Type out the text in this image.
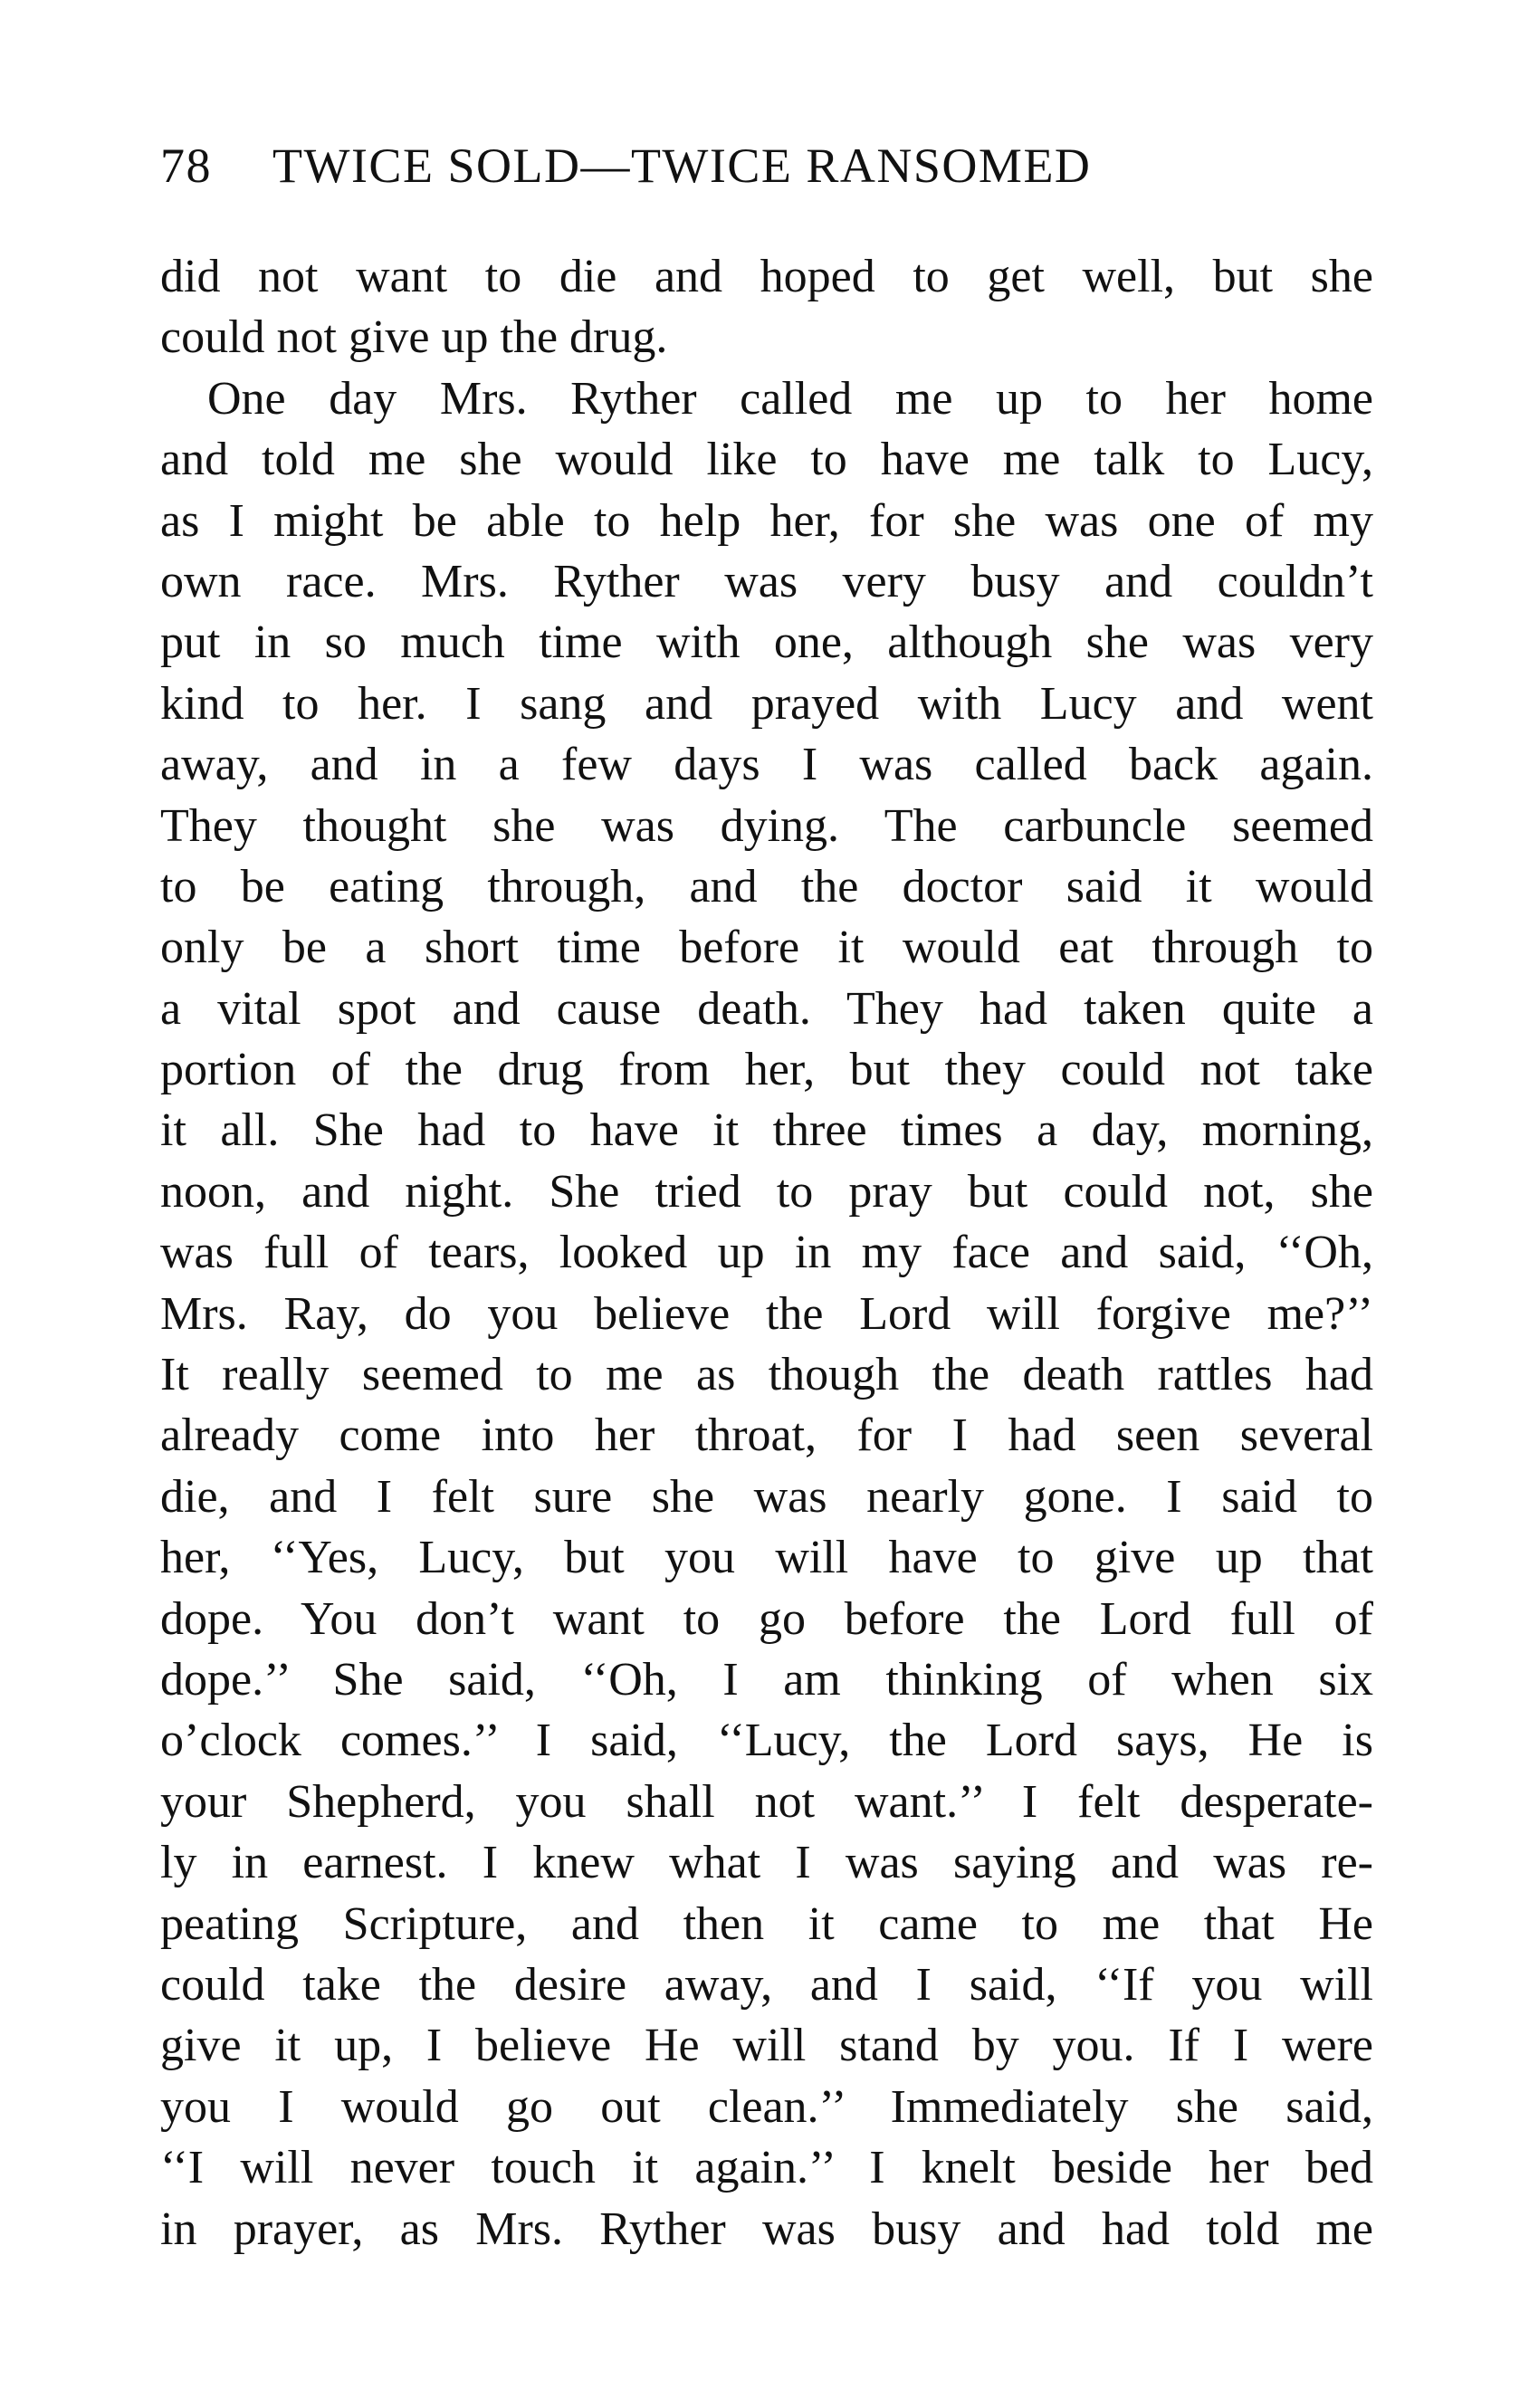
78 TWICE SOLD—TWICE RANSOMED
did not want to die and hoped to get well, but she
could not give up the drug.
One day Mrs. Ryther called me up to her home
and told me she would like to have me talk to Lucy,
as I might be able to help her, for she was one of my
own race. Mrs. Ryther was very busy and couldn’t
put in so much time with one, although she was very
kind to her. I sang and prayed with Lucy and went
away, and in a few days I was called back again.
They thought she was dying. The carbuncle seemed
to be eating through, and the doctor said it would
only be a short time before it would eat through to
a vital spot and cause death. They had taken quite a
portion of the drug from her, but they could not take
it all. She had to have it three times a day, morning,
noon, and night. She tried to pray but could not, she
was full of tears, looked up in my face and said, ‘‘Oh,
Mrs. Ray, do you believe the Lord will forgive me?’’
It really seemed to me as though the death rattles had
already come into her throat, for I had seen several
die, and I felt sure she was nearly gone. I said to
her, ‘‘Yes, Lucy, but you will have to give up that
dope. You don’t want to go before the Lord full of
dope.’’ She said, ‘‘Oh, I am thinking of when six
o’clock comes.’’ I said, ‘‘Lucy, the Lord says, He is
your Shepherd, you shall not want.’’ I felt desperate-
ly in earnest. I knew what I was saying and was re-
peating Scripture, and then it came to me that He
could take the desire away, and I said, ‘‘If you will
give it up, I believe He will stand by you. If I were
you I would go out clean.’’ Immediately she said,
‘‘I will never touch it again.’’ I knelt beside her bed
in prayer, as Mrs. Ryther was busy and had told me
